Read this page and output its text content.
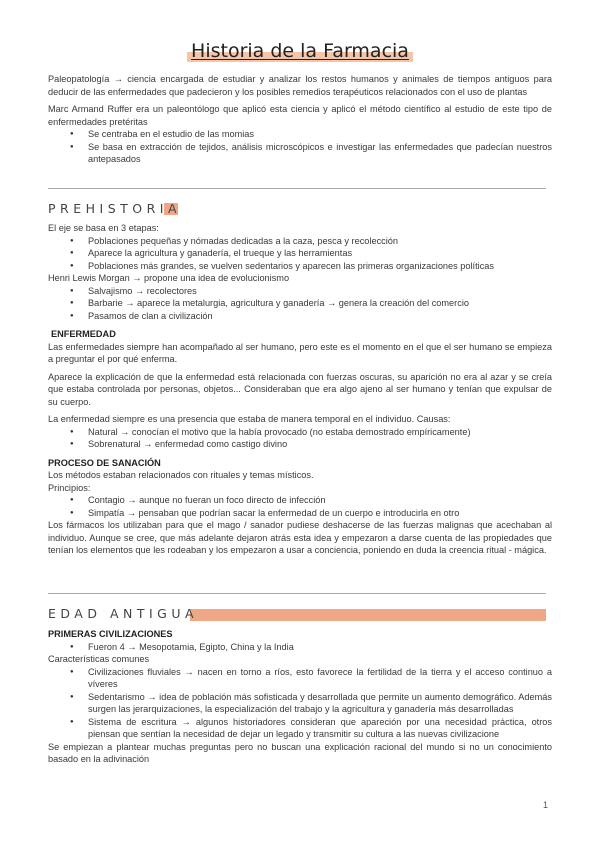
Historia de la Farmacia

Paleopatología → ciencia encargada de estudiar y analizar los restos humanos y animales de tiempos antiguos para deducir de las enfermedades que padecieron y los posibles remedios terapéuticos relacionados con el uso de plantas

Marc Armand Ruffer era un paleontólogo que aplicó esta ciencia y aplicó el método científico al estudio de este tipo de enfermedades pretéritas

● Se centraba en el estudio de las momias
● Se basa en extracción de tejidos, análisis microscópicos e investigar las enfermedades que padecían nuestros antepasados
PREHISTORIA

El eje se basa en 3 etapas:

● Poblaciones pequeñas y nómadas dedicadas a la caza, pesca y recolección
● Aparece la agricultura y ganadería, el trueque y las herramientas
● Poblaciones más grandes, se vuelven sedentarios y aparecen las primeras organizaciones políticas

Henri Lewis Morgan → propone una idea de evolucionismo

● Salvajismo → recolectores
● Barbarie → aparece la metalurgia, agricultura y ganadería → genera la creación del comercio
● Pasamos de clan a civilización

ENFERMEDAD

Las enfermedades siempre han acompañado al ser humano, pero este es el momento en el que el ser humano se empieza a preguntar el por qué enferma.

Aparece la explicación de que la enfermedad está relacionada con fuerzas oscuras, su aparición no era al azar y se creía que estaba controlada por personas, objetos... Consideraban que era algo ajeno al ser humano y tenían que expulsar de su cuerpo.

La enfermedad siempre es una presencia que estaba de manera temporal en el individuo. Causas:

● Natural → conocían el motivo que la había provocado (no estaba demostrado empíricamente)
● Sobrenatural → enfermedad como castigo divino

PROCESO DE SANACIÓN

Los métodos estaban relacionados con rituales y temas místicos.

Principios:

● Contagio → aunque no fueran un foco directo de infección
● Simpatía → pensaban que podrían sacar la enfermedad de un cuerpo e introducirla en otro

Los fármacos los utilizaban para que el mago / sanador pudiese deshacerse de las fuerzas malignas que acechaban al individuo. Aunque se cree, que más adelante dejaron atrás esta idea y empezaron a darse cuenta de las propiedades que tenían los elementos que les rodeaban y los empezaron a usar a conciencia, poniendo en duda la creencia ritual - mágica.

EDAD ANTIGUA

PRIMERAS CIVILIZACIONES

● Fueron 4 → Mesopotamia, Egipto, China y la India

Características comunes

● Civilizaciones fluviales → nacen en torno a ríos, esto favorece la fertilidad de la tierra y el acceso continuo a víveres
● Sedentarismo → idea de población más sofisticada y desarrollada que permite un aumento demográfico. Además surgen las jerarquizaciones, la especialización del trabajo y la agricultura y ganadería más desarrolladas
● Sistema de escritura → algunos historiadores consideran que apareción por una necesidad práctica, otros piensan que sentían la necesidad de dejar un legado y transmitir su cultura a las nuevas civilizacione

Se empiezan a plantear muchas preguntas pero no buscan una explicación racional del mundo si no un conocimiento basado en la adivinación

1
